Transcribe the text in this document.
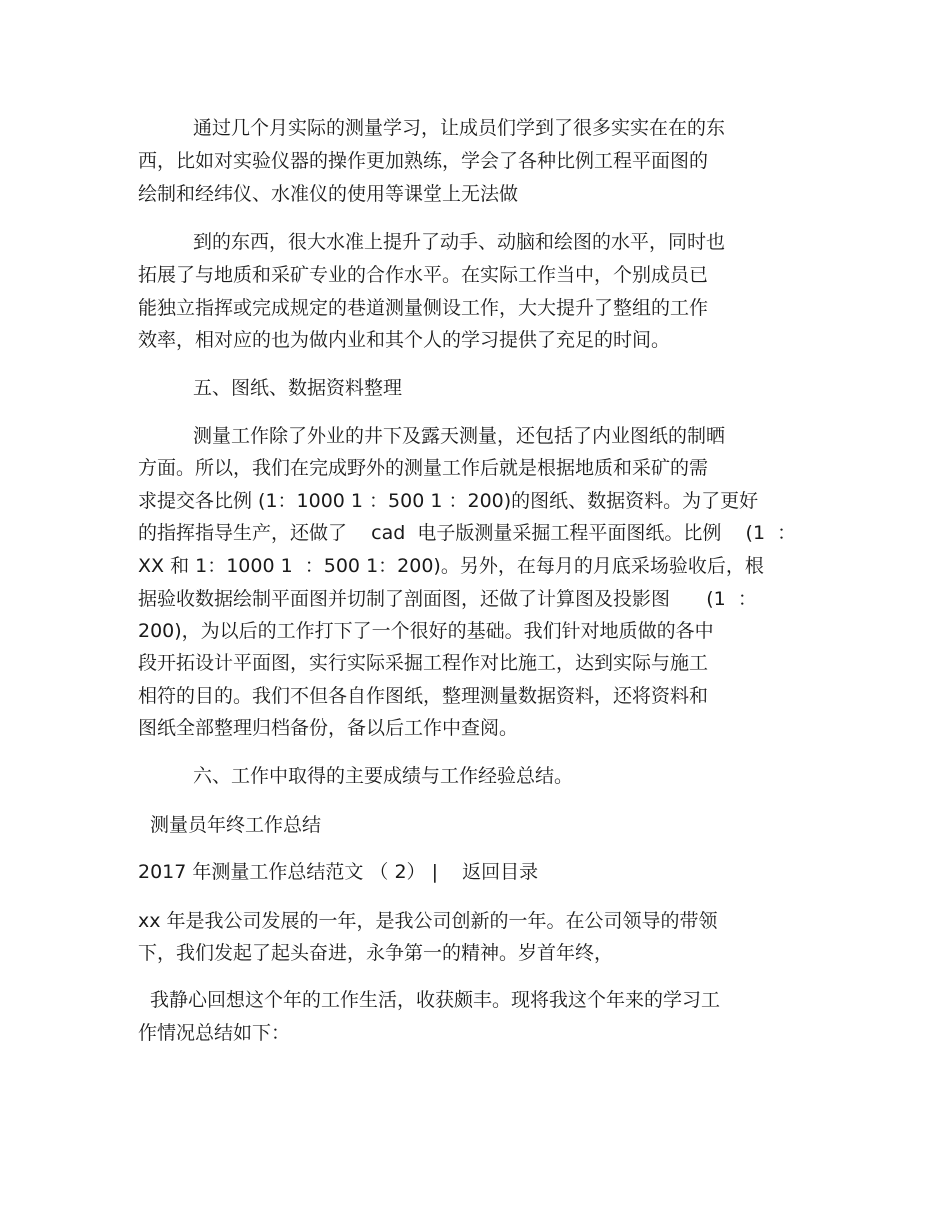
通过几个月实际的测量学习，让成员们学到了很多实实在在的东
西，比如对实验仪器的操作更加熟练，学会了各种比例工程平面图的
绘制和经纬仪、水准仪的使用等课堂上无法做
到的东西，很大水准上提升了动手、动脑和绘图的水平，同时也
拓展了与地质和采矿专业的合作水平。在实际工作当中，个别成员已
能独立指挥或完成规定的巷道测量侧设工作，大大提升了整组的工作
效率，相对应的也为做内业和其个人的学习提供了充足的时间。
五、图纸、数据资料整理
测量工作除了外业的井下及露天测量，还包括了内业图纸的制晒
方面。所以，我们在完成野外的测量工作后就是根据地质和采矿的需
求提交各比例 (1：1000 1 ：500 1 ：200)的图纸、数据资料。为了更好
的指挥指导生产，还做了    cad  电子版测量采掘工程平面图纸。比例    (1  ：
XX 和 1：1000 1  ：500 1：200)。另外，在每月的月底采场验收后，根
据验收数据绘制平面图并切制了剖面图，还做了计算图及投影图      (1  ：
200)，为以后的工作打下了一个很好的基础。我们针对地质做的各中
段开拓设计平面图，实行实际采掘工程作对比施工，达到实际与施工
相符的目的。我们不但各自作图纸，整理测量数据资料，还将资料和
图纸全部整理归档备份，备以后工作中查阅。
六、工作中取得的主要成绩与工作经验总结。
测量员年终工作总结
2017 年测量工作总结范文 （ 2） |    返回目录
xx 年是我公司发展的一年，是我公司创新的一年。在公司领导的带领
下，我们发起了起头奋进，永争第一的精神。岁首年终，
我静心回想这个年的工作生活，收获颇丰。现将我这个年来的学习工
作情况总结如下：
